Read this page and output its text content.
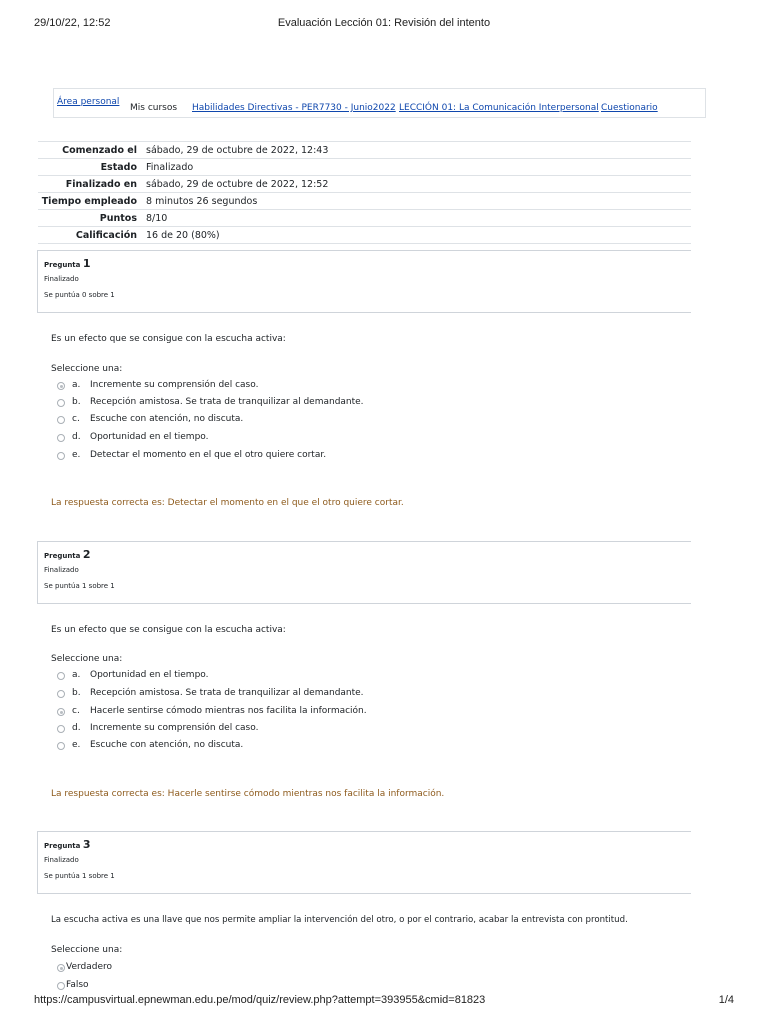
29/10/22, 12:52	Evaluación Lección 01: Revisión del intento
Área personal
Mis cursos Habilidades Directivas - PER7730 - Junio2022 LECCIÓN 01: La Comunicación Interpersonal Cuestionario
Comenzado el	sábado, 29 de octubre de 2022, 12:43
Estado	Finalizado
Finalizado en	sábado, 29 de octubre de 2022, 12:52
Tiempo empleado	8 minutos 26 segundos
Puntos	8/10
Calificación	16 de 20 (80%)
Pregunta 1
Finalizado
Se puntúa 0 sobre 1
Es un efecto que se consigue con la escucha activa:
Seleccione una:
a. Incremente su comprensión del caso.
b. Recepción amistosa. Se trata de tranquilizar al demandante.
c. Escuche con atención, no discuta.
d. Oportunidad en el tiempo.
e. Detectar el momento en el que el otro quiere cortar.
La respuesta correcta es: Detectar el momento en el que el otro quiere cortar.
Pregunta 2
Finalizado
Se puntúa 1 sobre 1
Es un efecto que se consigue con la escucha activa:
Seleccione una:
a. Oportunidad en el tiempo.
b. Recepción amistosa. Se trata de tranquilizar al demandante.
c. Hacerle sentirse cómodo mientras nos facilita la información.
d. Incremente su comprensión del caso.
e. Escuche con atención, no discuta.
La respuesta correcta es: Hacerle sentirse cómodo mientras nos facilita la información.
Pregunta 3
Finalizado
Se puntúa 1 sobre 1
La escucha activa es una llave que nos permite ampliar la intervención del otro, o por el contrario, acabar la entrevista con prontitud.
Seleccione una:
Verdadero
Falso
https://campusvirtual.epnewman.edu.pe/mod/quiz/review.php?attempt=393955&cmid=81823	1/4
